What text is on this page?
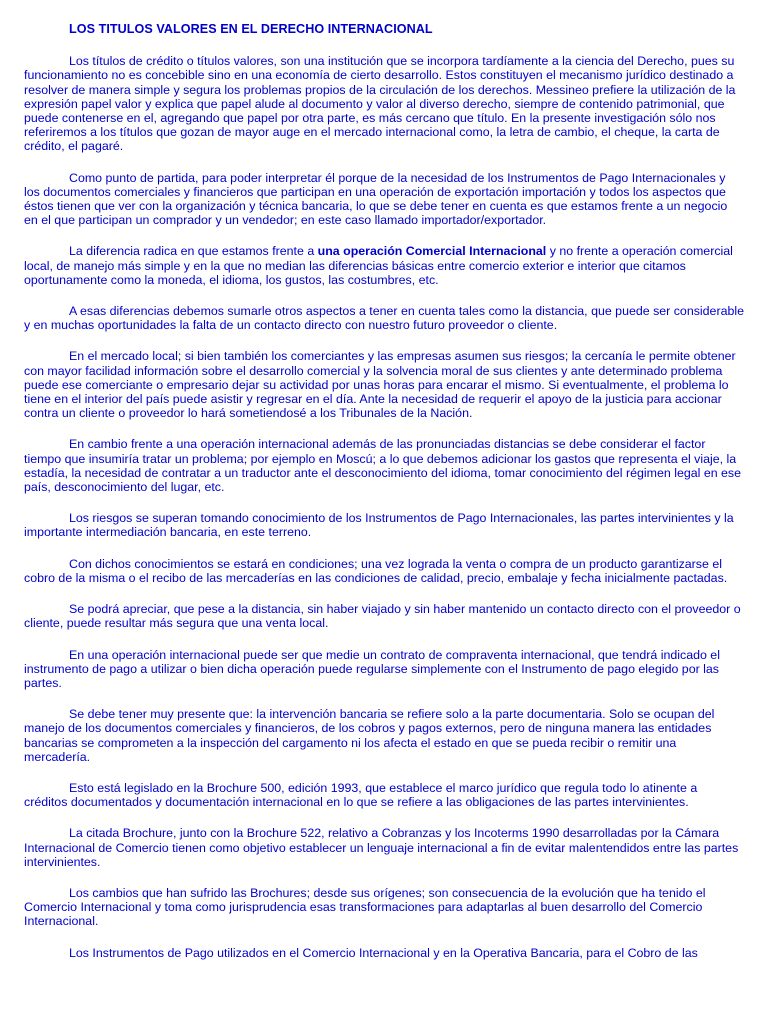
LOS TITULOS VALORES EN EL DERECHO INTERNACIONAL

Los títulos de crédito o títulos valores, son una institución que se incorpora tardíamente a la ciencia del Derecho, pues su funcionamiento no es concebible sino en una economía de cierto desarrollo. Estos constituyen el mecanismo jurídico destinado a resolver de manera simple y segura los problemas propios de la circulación de los derechos. Messineo prefiere la utilización de la expresión papel valor y explica que papel alude al documento y valor al diverso derecho, siempre de contenido patrimonial, que puede contenerse en el, agregando que papel por otra parte, es más cercano que título. En la presente investigación sólo nos referiremos a los títulos que gozan de mayor auge en el mercado internacional como, la letra de cambio, el cheque, la carta de crédito, el pagaré.

Como punto de partida, para poder interpretar él porque de la necesidad de los Instrumentos de Pago Internacionales y los documentos comerciales y financieros que participan en una operación de exportación importación y todos los aspectos que éstos tienen que ver con la organización y técnica bancaria, lo que se debe tener en cuenta es que estamos frente a un negocio en el que participan un comprador y un vendedor; en este caso llamado importador/exportador.

La diferencia radica en que estamos frente a una operación Comercial Internacional y no frente a operación comercial local, de manejo más simple y en la que no median las diferencias básicas entre comercio exterior e interior que citamos oportunamente como la moneda, el idioma, los gustos, las costumbres, etc.

A esas diferencias debemos sumarle otros aspectos a tener en cuenta tales como la distancia, que puede ser considerable y en muchas oportunidades la falta de un contacto directo con nuestro futuro proveedor o cliente.

En el mercado local; si bien también los comerciantes y las empresas asumen sus riesgos; la cercanía le permite obtener con mayor facilidad información sobre el desarrollo comercial y la solvencia moral de sus clientes y ante determinado problema puede ese comerciante o empresario dejar su actividad por unas horas para encarar el mismo. Si eventualmente, el problema lo tiene en el interior del país puede asistir y regresar en el día. Ante la necesidad de requerir el apoyo de la justicia para accionar contra un cliente o proveedor lo hará sometiendosé a los Tribunales de la Nación.

En cambio frente a una operación internacional además de las pronunciadas distancias se debe considerar el factor tiempo que insumiría tratar un problema; por ejemplo en Moscú; a lo que debemos adicionar los gastos que representa el viaje, la estadía, la necesidad de contratar a un traductor ante el desconocimiento del idioma, tomar conocimiento del régimen legal en ese país, desconocimiento del lugar, etc.

Los riesgos se superan tomando conocimiento de los Instrumentos de Pago Internacionales, las partes intervinientes y la importante intermediación bancaria, en este terreno.

Con dichos conocimientos se estará en condiciones; una vez lograda la venta o compra de un producto garantizarse el cobro de la misma o el recibo de las mercaderías en las condiciones de calidad, precio, embalaje y fecha inicialmente pactadas.

Se podrá apreciar, que pese a la distancia, sin haber viajado y sin haber mantenido un contacto directo con el proveedor o cliente, puede resultar más segura que una venta local.

En una operación internacional puede ser que medie un contrato de compraventa internacional, que tendrá indicado el instrumento de pago a utilizar o bien dicha operación puede regularse simplemente con el Instrumento de pago elegido por las partes.

Se debe tener muy presente que: la intervención bancaria se refiere solo a la parte documentaria. Solo se ocupan del manejo de los documentos comerciales y financieros, de los cobros y pagos externos, pero de ninguna manera las entidades bancarias se comprometen a la inspección del cargamento ni los afecta el estado en que se pueda recibir o remitir una mercadería.

Esto está legislado en la Brochure 500, edición 1993, que establece el marco jurídico que regula todo lo atinente a créditos documentados y documentación internacional en lo que se refiere a las obligaciones de las partes intervinientes.

La citada Brochure, junto con la Brochure 522, relativo a Cobranzas y los Incoterms 1990 desarrolladas por la Cámara Internacional de Comercio tienen como objetivo establecer un lenguaje internacional a fin de evitar malentendidos entre las partes intervinientes.

Los cambios que han sufrido las Brochures; desde sus orígenes; son consecuencia de la evolución que ha tenido el Comercio Internacional y toma como jurisprudencia esas transformaciones para adaptarlas al buen desarrollo del Comercio Internacional.

Los Instrumentos de Pago utilizados en el Comercio Internacional y en la Operativa Bancaria, para el Cobro de las
